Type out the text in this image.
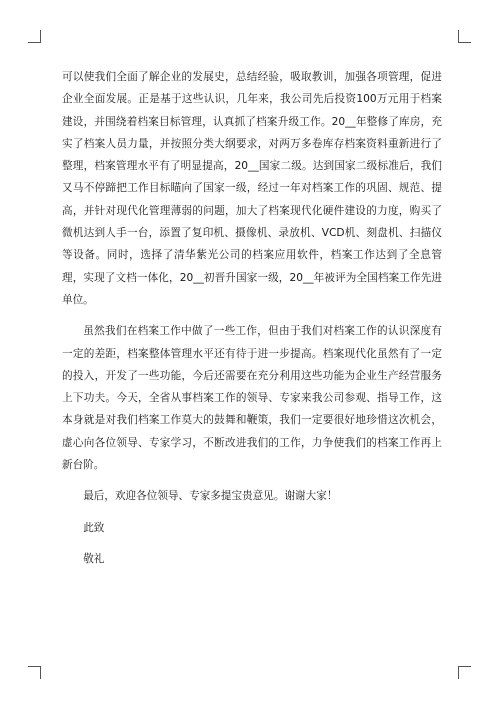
可以使我们全面了解企业的发展史，总结经验，吸取教训，加强各项管理，促进企业全面发展。正是基于这些认识，几年来，我公司先后投资100万元用于档案建设，并围绕着档案目标管理，认真抓了档案升级工作。20__年整修了库房，充实了档案人员力量，并按照分类大纲要求，对两万多卷库存档案资料重新进行了整理，档案管理水平有了明显提高，20__国家二级。达到国家二级标准后，我们又马不停蹄把工作目标瞄向了国家一级，经过一年对档案工作的巩固、规范、提高，并针对现代化管理薄弱的问题，加大了档案现代化硬件建设的力度，购买了微机达到人手一台，添置了复印机、摄像机、录放机、VCD机、刻盘机、扫描仪等设备。同时，选择了清华紫光公司的档案应用软件，档案工作达到了全息管理，实现了文档一体化，20__初晋升国家一级，20__年被评为全国档案工作先进单位。

虽然我们在档案工作中做了一些工作，但由于我们对档案工作的认识深度有一定的差距，档案整体管理水平还有待于进一步提高。档案现代化虽然有了一定的投入，开发了一些功能，今后还需要在充分利用这些功能为企业生产经营服务上下功夫。今天，全省从事档案工作的领导、专家来我公司参观、指导工作，这本身就是对我们档案工作莫大的鼓舞和鞭策，我们一定要很好地珍惜这次机会，虚心向各位领导、专家学习，不断改进我们的工作，力争使我们的档案工作再上新台阶。

最后，欢迎各位领导、专家多提宝贵意见。谢谢大家！

此致

敬礼
